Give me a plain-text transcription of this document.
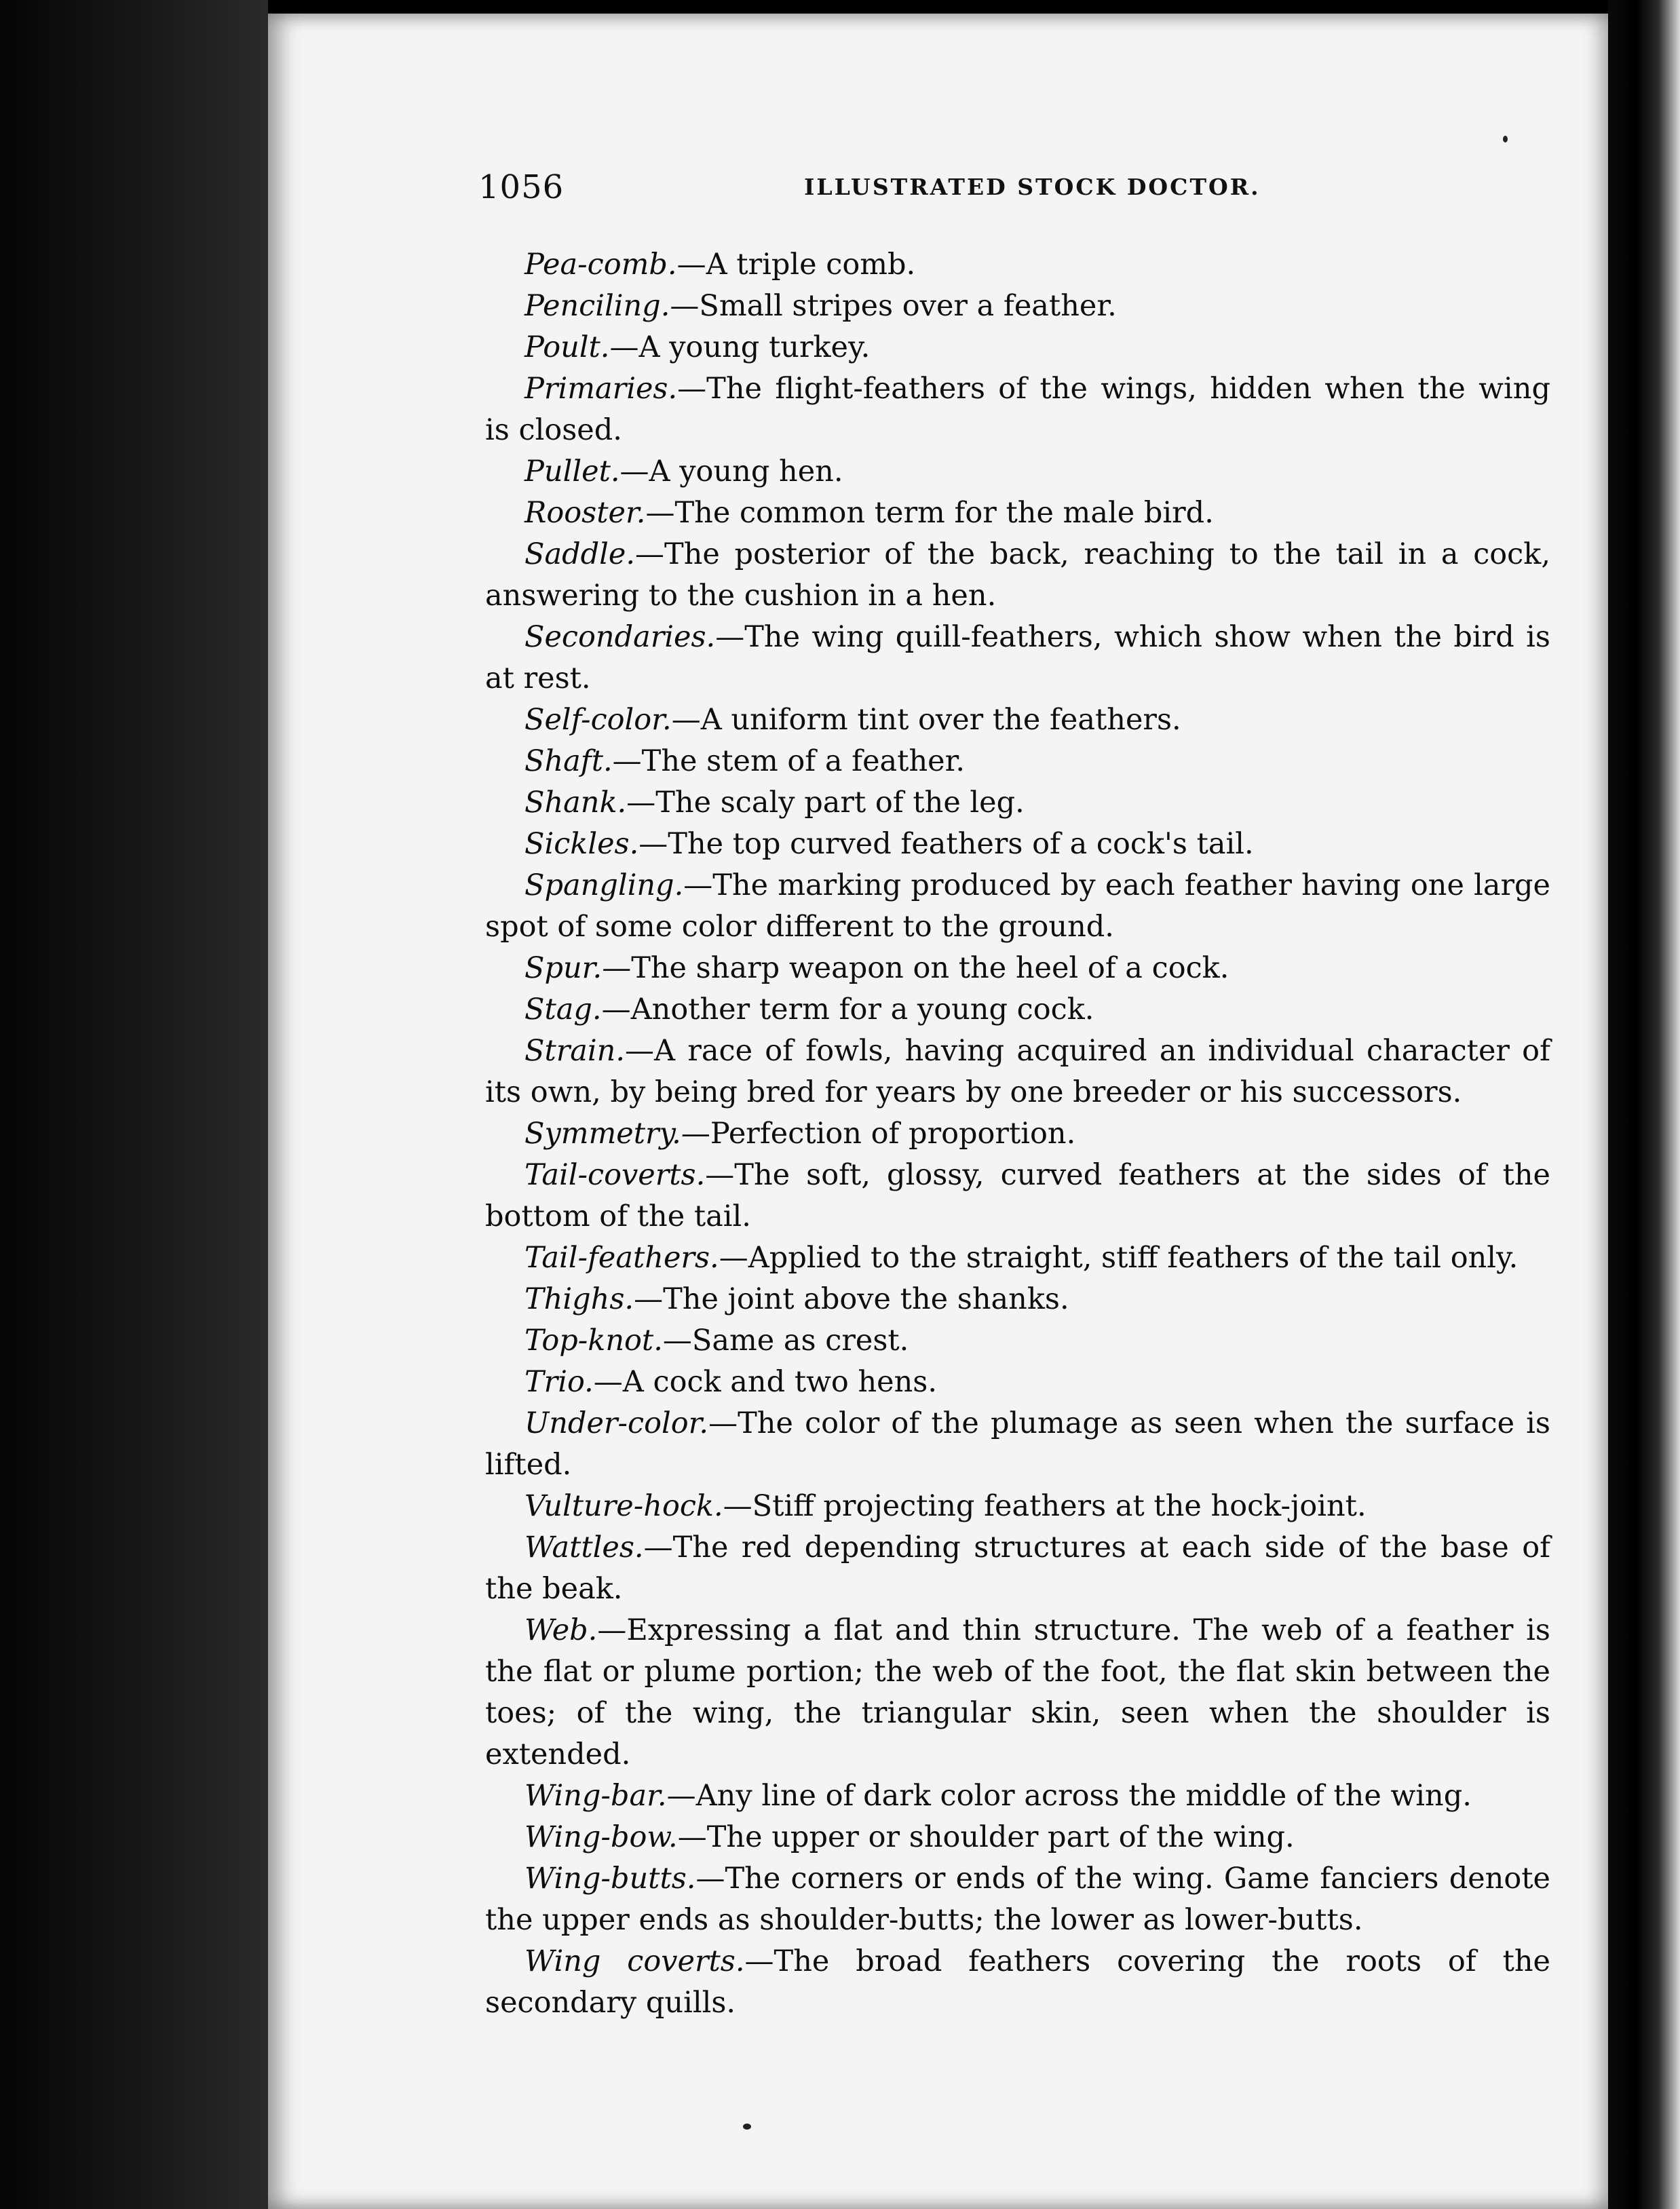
1056	ILLUSTRATED STOCK DOCTOR.

Pea-comb.—A triple comb.

Penciling.—Small stripes over a feather.

Poult.—A young turkey.

Primaries.—The flight-feathers of the wings, hidden when the wing is closed.

Pullet.—A young hen.

Rooster.—The common term for the male bird.

Saddle.—The posterior of the back, reaching to the tail in a cock, answering to the cushion in a hen.

Secondaries.—The wing quill-feathers, which show when the bird is at rest.

Self-color.—A uniform tint over the feathers.

Shaft.—The stem of a feather.

Shank.—The scaly part of the leg.

Sickles.—The top curved feathers of a cock's tail.

Spangling.—The marking produced by each feather having one large spot of some color different to the ground.

Spur.—The sharp weapon on the heel of a cock.

Stag.—Another term for a young cock.

Strain.—A race of fowls, having acquired an individual character of its own, by being bred for years by one breeder or his successors.

Symmetry.—Perfection of proportion.

Tail-coverts.—The soft, glossy, curved feathers at the sides of the bottom of the tail.

Tail-feathers.—Applied to the straight, stiff feathers of the tail only.

Thighs.—The joint above the shanks.

Top-knot.—Same as crest.

Trio.—A cock and two hens.

Under-color.—The color of the plumage as seen when the surface is lifted.

Vulture-hock.—Stiff projecting feathers at the hock-joint.

Wattles.—The red depending structures at each side of the base of the beak.

Web.—Expressing a flat and thin structure. The web of a feather is the flat or plume portion; the web of the foot, the flat skin between the toes; of the wing, the triangular skin, seen when the shoulder is extended.

Wing-bar.—Any line of dark color across the middle of the wing.

Wing-bow.—The upper or shoulder part of the wing.

Wing-butts.—The corners or ends of the wing. Game fanciers denote the upper ends as shoulder-butts; the lower as lower-butts.

Wing coverts.—The broad feathers covering the roots of the secondary quills.
